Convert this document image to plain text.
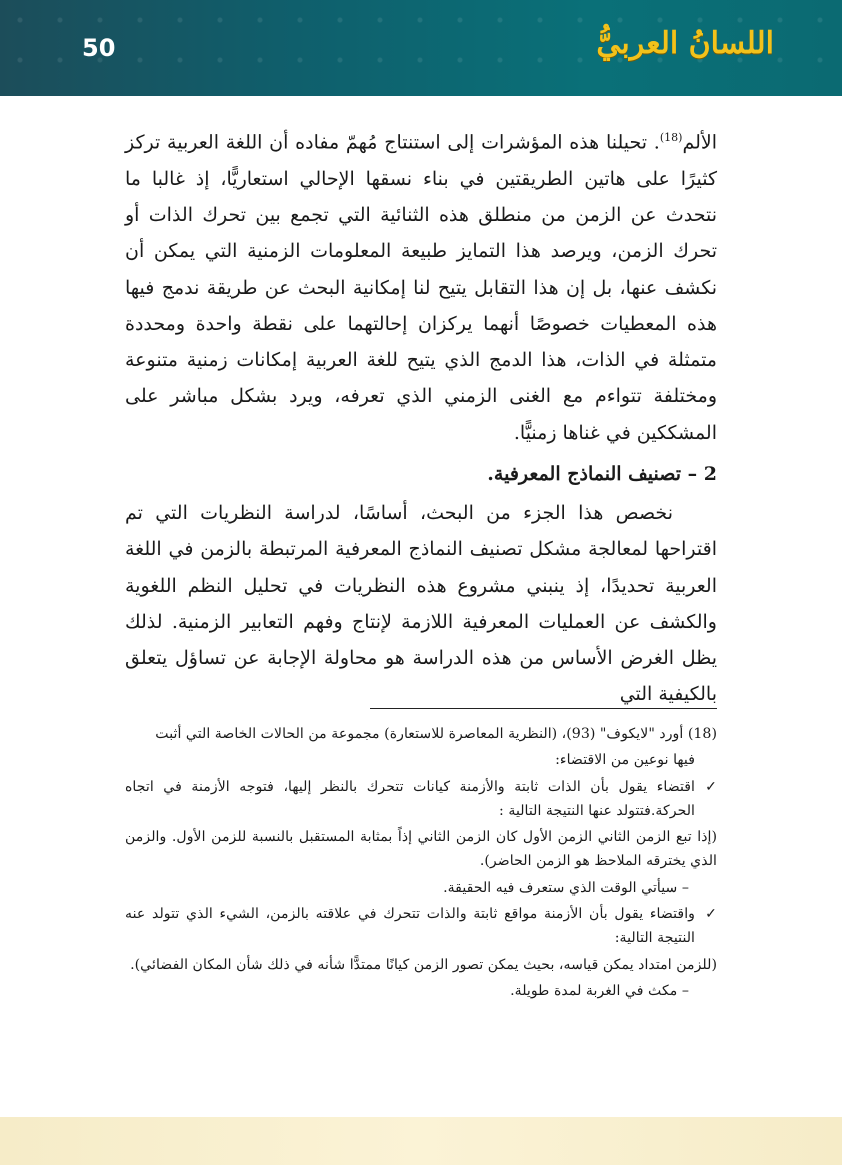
50	اللسانُ العربيُّ

الألم$^{(18)}$. تحيلنا هذه المؤشرات إلى استنتاج مُهمّ مفاده أن اللغة العربية تركز كثيرًا على هاتين الطريقتين في بناء نسقها الإحالي استعاريًّا، إذ غالبا ما نتحدث عن الزمن من منطلق هذه الثنائية التي تجمع بين تحرك الذات أو تحرك الزمن، ويرصد هذا التمايز طبيعة المعلومات الزمنية التي يمكن أن نكشف عنها، بل إن هذا التقابل يتيح لنا إمكانية البحث عن طريقة ندمج فيها هذه المعطيات خصوصًا أنهما يركزان إحالتهما على نقطة واحدة ومحددة متمثلة في الذات، هذا الدمج الذي يتيح للغة العربية إمكانات زمنية متنوعة ومختلفة تتواءم مع الغنى الزمني الذي تعرفه، ويرد بشكل مباشر على المشككين في غناها زمنيًّا.

2 – تصنيف النماذج المعرفية.

نخصص هذا الجزء من البحث، أساسًا، لدراسة النظريات التي تم اقتراحها لمعالجة مشكل تصنيف النماذج المعرفية المرتبطة بالزمن في اللغة العربية تحديدًا، إذ ينبني مشروع هذه النظريات في تحليل النظم اللغوية والكشف عن العمليات المعرفية اللازمة لإنتاج وفهم التعابير الزمنية. لذلك يظل الغرض الأساس من هذه الدراسة هو محاولة الإجابة عن تساؤل يتعلق بالكيفية التي

(18) أورد "لايكوف" (93)، (النظرية المعاصرة للاستعارة) مجموعة من الحالات الخاصة التي أثبت

فيها نوعين من الاقتضاء:

✓
اقتضاء يقول بأن الذات ثابتة والأزمنة كيانات تتحرك بالنظر إليها، فتوجه الأزمنة في اتجاه الحركة.فتتولد عنها النتيجة التالية :

(إذا تبع الزمن الثاني الزمن الأول كان الزمن الثاني إذاً بمثابة المستقبل بالنسبة للزمن الأول. والزمن الذي يخترقه الملاحظ هو الزمن الحاضر).

– سيأتي الوقت الذي ستعرف فيه الحقيقة.

✓
واقتضاء يقول بأن الأزمنة مواقع ثابتة والذات تتحرك في علاقته بالزمن، الشيء الذي تتولد عنه النتيجة التالية:

(للزمن امتداد يمكن قياسه، بحيث يمكن تصور الزمن كيانًا ممتدًّا شأنه في ذلك شأن المكان الفضائي).

– مكث في الغربة لمدة طويلة.
